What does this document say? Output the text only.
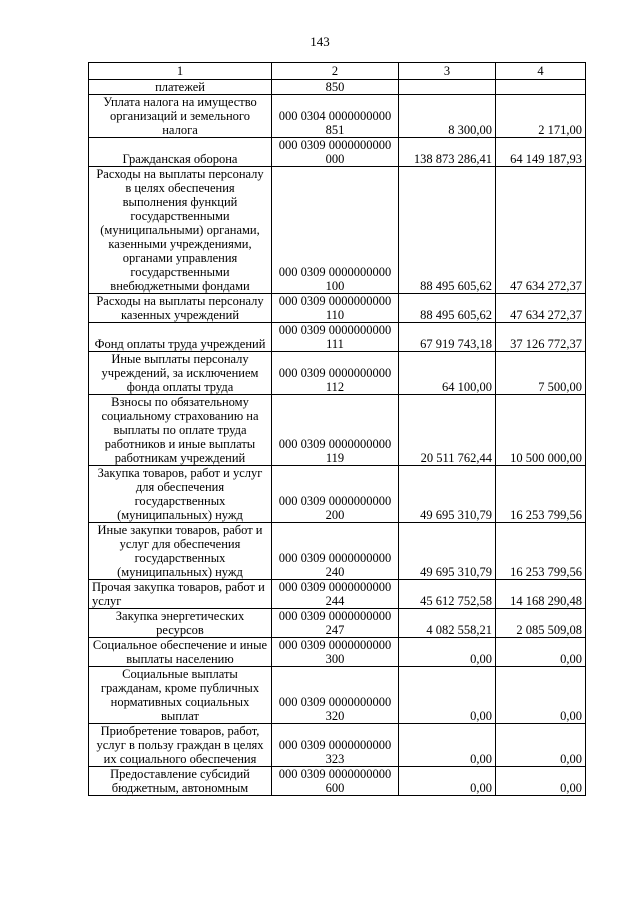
143
1	2	3	4
платежей	850		
Уплата налога на имущество организаций и земельного налога	000 0304 0000000000 851	8 300,00	2 171,00
Гражданская оборона	000 0309 0000000000 000	138 873 286,41	64 149 187,93
Расходы на выплаты персоналу в целях обеспечения выполнения функций государственными (муниципальными) органами, казенными учреждениями, органами управления государственными внебюджетными фондами	000 0309 0000000000 100	88 495 605,62	47 634 272,37
Расходы на выплаты персоналу казенных учреждений	000 0309 0000000000 110	88 495 605,62	47 634 272,37
Фонд оплаты труда учреждений	000 0309 0000000000 111	67 919 743,18	37 126 772,37
Иные выплаты персоналу учреждений, за исключением фонда оплаты труда	000 0309 0000000000 112	64 100,00	7 500,00
Взносы по обязательному социальному страхованию на выплаты по оплате труда работников и иные выплаты работникам учреждений	000 0309 0000000000 119	20 511 762,44	10 500 000,00
Закупка товаров, работ и услуг для обеспечения государственных (муниципальных) нужд	000 0309 0000000000 200	49 695 310,79	16 253 799,56
Иные закупки товаров, работ и услуг для обеспечения государственных (муниципальных) нужд	000 0309 0000000000 240	49 695 310,79	16 253 799,56
Прочая закупка товаров, работ и услуг	000 0309 0000000000 244	45 612 752,58	14 168 290,48
Закупка энергетических ресурсов	000 0309 0000000000 247	4 082 558,21	2 085 509,08
Социальное обеспечение и иные выплаты населению	000 0309 0000000000 300	0,00	0,00
Социальные выплаты гражданам, кроме публичных нормативных социальных выплат	000 0309 0000000000 320	0,00	0,00
Приобретение товаров, работ, услуг в пользу граждан в целях их социального обеспечения	000 0309 0000000000 323	0,00	0,00
Предоставление субсидий бюджетным, автономным	000 0309 0000000000 600	0,00	0,00
